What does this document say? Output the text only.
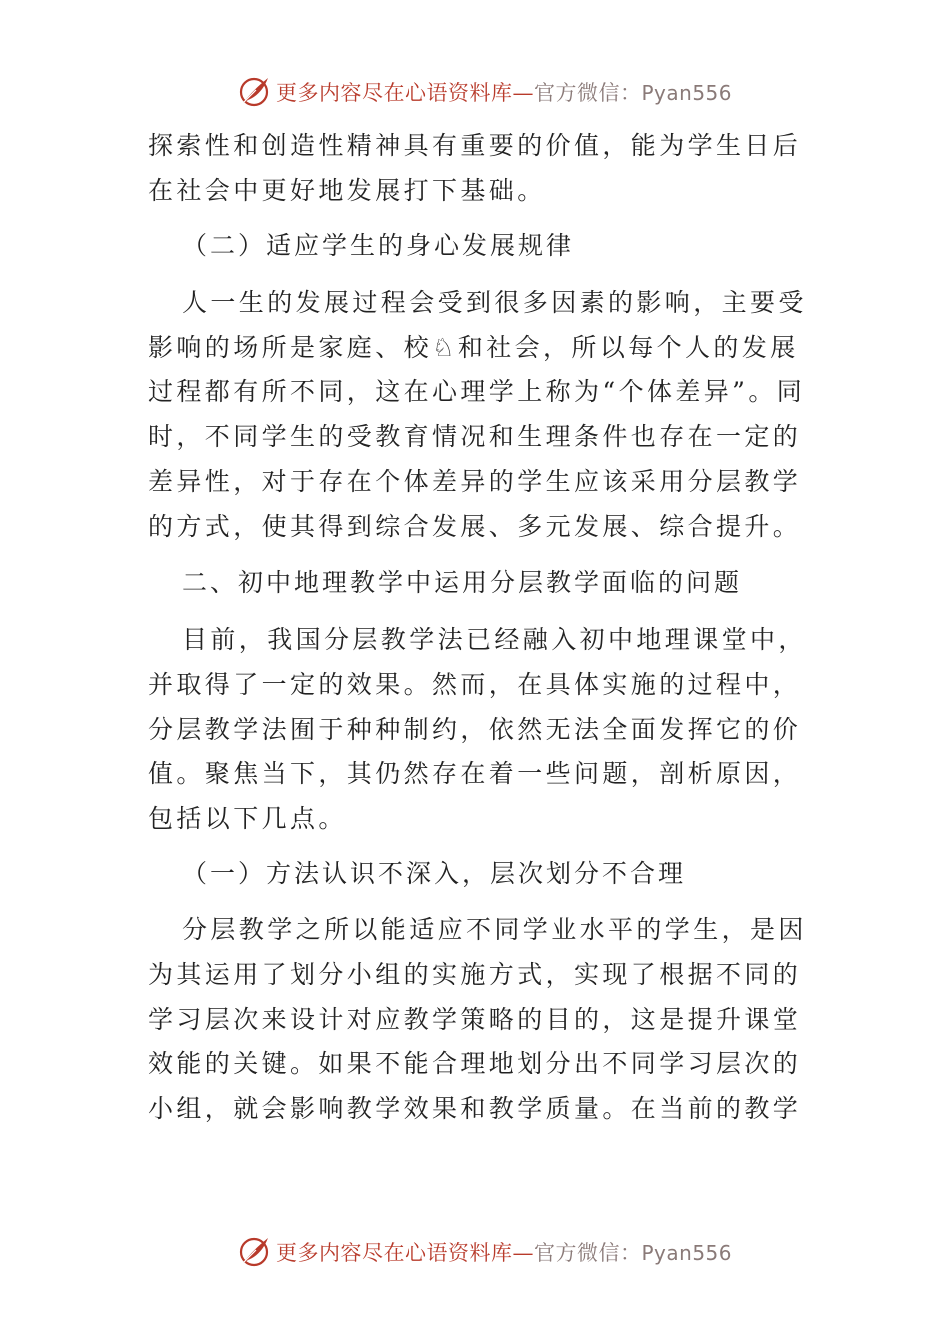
更多内容尽在心语资料库—官方微信：Pyan556
探索性和创造性精神具有重要的价值，能为学生日后
在社会中更好地发展打下基础。
（二）适应学生的身心发展规律
人一生的发展过程会受到很多因素的影响，主要受
影响的场所是家庭、校♘和社会，所以每个人的发展
过程都有所不同，这在心理学上称为“个体差异”。同
时，不同学生的受教育情况和生理条件也存在一定的
差异性，对于存在个体差异的学生应该采用分层教学
的方式，使其得到综合发展、多元发展、综合提升。
二、初中地理教学中运用分层教学面临的问题
目前，我国分层教学法已经融入初中地理课堂中，
并取得了一定的效果。然而，在具体实施的过程中，
分层教学法囿于种种制约，依然无法全面发挥它的价
值。聚焦当下，其仍然存在着一些问题，剖析原因，
包括以下几点。
（一）方法认识不深入，层次划分不合理
分层教学之所以能适应不同学业水平的学生，是因
为其运用了划分小组的实施方式，实现了根据不同的
学习层次来设计对应教学策略的目的，这是提升课堂
效能的关键。如果不能合理地划分出不同学习层次的
小组，就会影响教学效果和教学质量。在当前的教学
更多内容尽在心语资料库—官方微信：Pyan556
